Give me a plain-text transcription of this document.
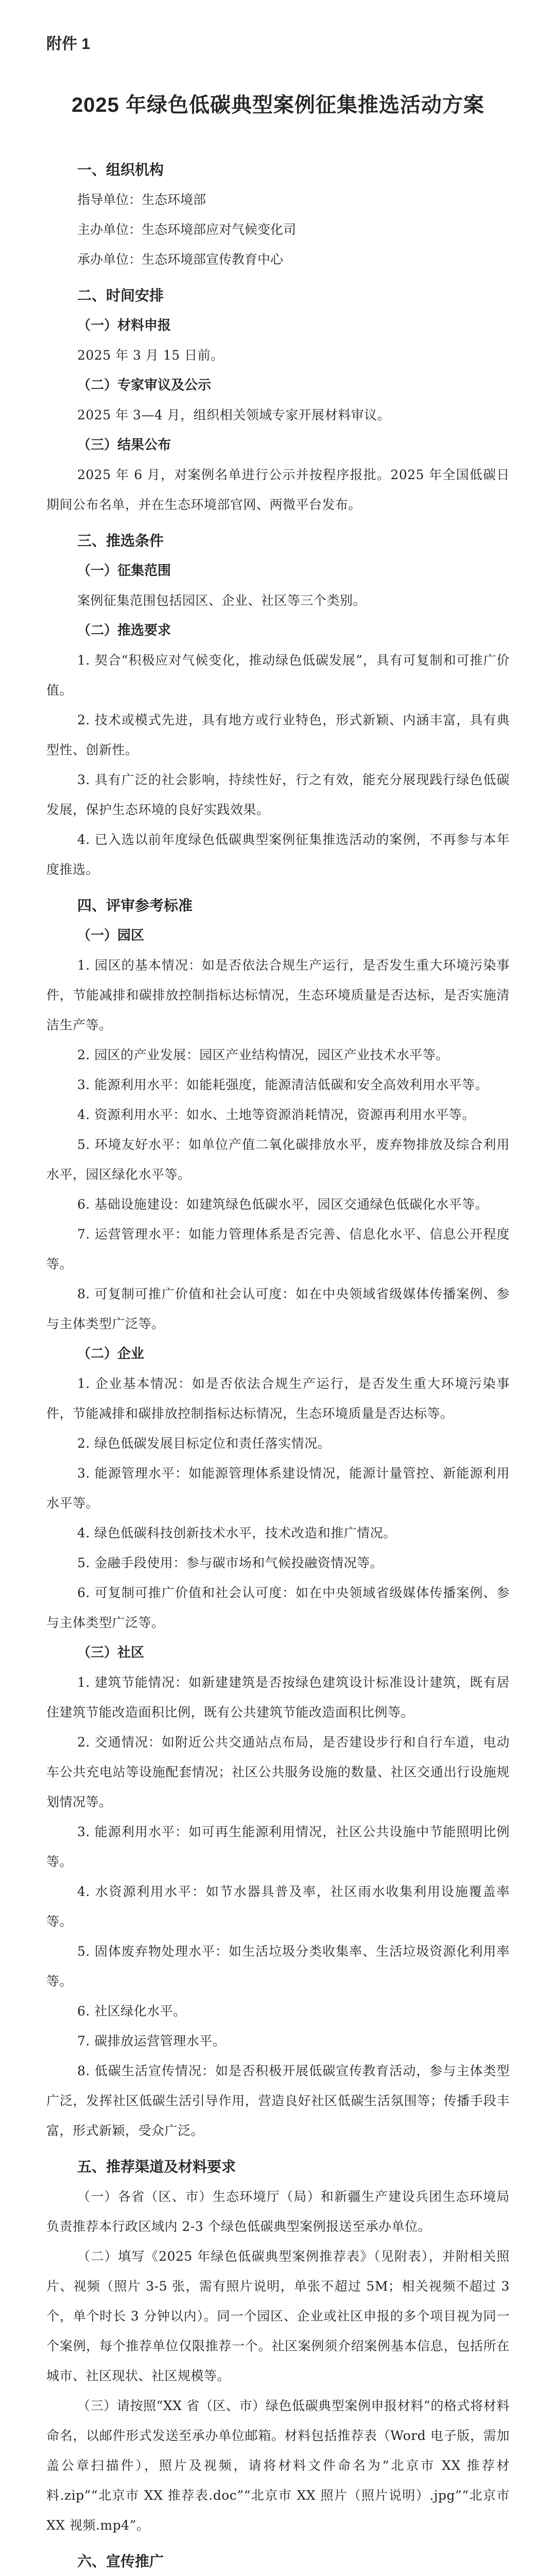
附件 1
2025 年绿色低碳典型案例征集推选活动方案
一、组织机构
指导单位：生态环境部
主办单位：生态环境部应对气候变化司
承办单位：生态环境部宣传教育中心
二、时间安排
（一）材料申报
2025 年 3 月 15 日前。
（二）专家审议及公示
2025 年 3—4 月，组织相关领域专家开展材料审议。
（三）结果公布
2025 年 6 月，对案例名单进行公示并按程序报批。2025 年全国低碳日期间公布名单，并在生态环境部官网、两微平台发布。
三、推选条件
（一）征集范围
案例征集范围包括园区、企业、社区等三个类别。
（二）推选要求
1. 契合“积极应对气候变化，推动绿色低碳发展”，具有可复制和可推广价值。
2. 技术或模式先进，具有地方或行业特色，形式新颖、内涵丰富，具有典型性、创新性。
3. 具有广泛的社会影响，持续性好，行之有效，能充分展现践行绿色低碳发展，保护生态环境的良好实践效果。
4. 已入选以前年度绿色低碳典型案例征集推选活动的案例，不再参与本年度推选。
四、评审参考标准
（一）园区
1. 园区的基本情况：如是否依法合规生产运行，是否发生重大环境污染事件，节能减排和碳排放控制指标达标情况，生态环境质量是否达标，是否实施清洁生产等。
2. 园区的产业发展：园区产业结构情况，园区产业技术水平等。
3. 能源利用水平：如能耗强度，能源清洁低碳和安全高效利用水平等。
4. 资源利用水平：如水、土地等资源消耗情况，资源再利用水平等。
5. 环境友好水平：如单位产值二氧化碳排放水平，废弃物排放及综合利用水平，园区绿化水平等。
6. 基础设施建设：如建筑绿色低碳水平，园区交通绿色低碳化水平等。
7. 运营管理水平：如能力管理体系是否完善、信息化水平、信息公开程度等。
8. 可复制可推广价值和社会认可度：如在中央领域省级媒体传播案例、参与主体类型广泛等。
（二）企业
1. 企业基本情况：如是否依法合规生产运行，是否发生重大环境污染事件，节能减排和碳排放控制指标达标情况，生态环境质量是否达标等。
2. 绿色低碳发展目标定位和责任落实情况。
3. 能源管理水平：如能源管理体系建设情况，能源计量管控、新能源利用水平等。
4. 绿色低碳科技创新技术水平，技术改造和推广情况。
5. 金融手段使用：参与碳市场和气候投融资情况等。
6. 可复制可推广价值和社会认可度：如在中央领域省级媒体传播案例、参与主体类型广泛等。
（三）社区
1. 建筑节能情况：如新建建筑是否按绿色建筑设计标准设计建筑，既有居住建筑节能改造面积比例，既有公共建筑节能改造面积比例等。
2. 交通情况：如附近公共交通站点布局，是否建设步行和自行车道，电动车公共充电站等设施配套情况；社区公共服务设施的数量、社区交通出行设施规划情况等。
3. 能源利用水平：如可再生能源利用情况，社区公共设施中节能照明比例等。
4. 水资源利用水平：如节水器具普及率，社区雨水收集利用设施覆盖率等。
5. 固体废弃物处理水平：如生活垃圾分类收集率、生活垃圾资源化利用率等。
6. 社区绿化水平。
7. 碳排放运营管理水平。
8. 低碳生活宣传情况：如是否积极开展低碳宣传教育活动，参与主体类型广泛，发挥社区低碳生活引导作用，营造良好社区低碳生活氛围等；传播手段丰富，形式新颖，受众广泛。
五、推荐渠道及材料要求
（一）各省（区、市）生态环境厅（局）和新疆生产建设兵团生态环境局负责推荐本行政区域内 2-3 个绿色低碳典型案例报送至承办单位。
（二）填写《2025 年绿色低碳典型案例推荐表》（见附表），并附相关照片、视频（照片 3-5 张，需有照片说明，单张不超过 5M；相关视频不超过 3 个，单个时长 3 分钟以内）。同一个园区、企业或社区申报的多个项目视为同一个案例，每个推荐单位仅限推荐一个。社区案例须介绍案例基本信息，包括所在城市、社区现状、社区规模等。
（三）请按照“XX 省（区、市）绿色低碳典型案例申报材料”的格式将材料命名，以邮件形式发送至承办单位邮箱。材料包括推荐表（Word 电子版，需加盖公章扫描件），照片及视频，请将材料文件命名为“北京市 XX 推荐材料.zip”“北京市 XX 推荐表.doc”“北京市 XX 照片（照片说明）.jpg”“北京市 XX 视频.mp4”。
六、宣传推广
